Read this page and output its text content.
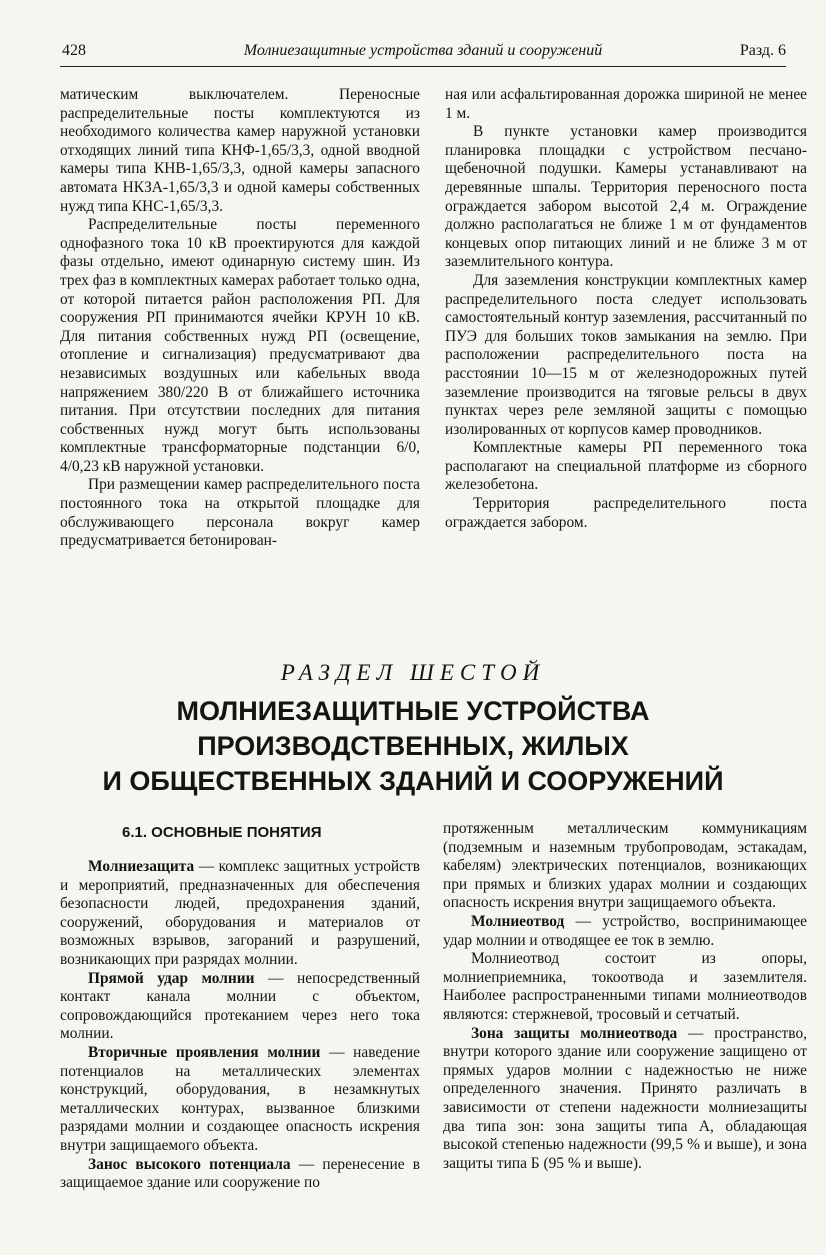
428	Молниезащитные устройства зданий и сооружений	Разд. 6

матическим выключателем. Переносные распределительные посты комплектуются из необходимого количества камер наружной установки отходящих линий типа КНФ-1,65/3,3, одной вводной камеры типа КНВ-1,65/3,3, одной камеры запасного автомата НКЗА-1,65/3,3 и одной камеры собственных нужд типа КНС-1,65/3,3.

Распределительные посты переменного однофазного тока 10 кВ проектируются для каждой фазы отдельно, имеют одинарную систему шин. Из трех фаз в комплектных камерах работает только одна, от которой питается район расположения РП. Для сооружения РП принимаются ячейки КРУН 10 кВ. Для питания собственных нужд РП (освещение, отопление и сигнализация) предусматривают два независимых воздушных или кабельных ввода напряжением 380/220 В от ближайшего источника питания. При отсутствии последних для питания собственных нужд могут быть использованы комплектные трансформаторные подстанции 6/0, 4/0,23 кВ наружной установки.

При размещении камер распределительного поста постоянного тока на открытой площадке для обслуживающего персонала вокруг камер предусматривается бетонирован-

ная или асфальтированная дорожка шириной не менее 1 м.

В пункте установки камер производится планировка площадки с устройством песчано-щебеночной подушки. Камеры устанавливают на деревянные шпалы. Территория переносного поста ограждается забором высотой 2,4 м. Ограждение должно располагаться не ближе 1 м от фундаментов концевых опор питающих линий и не ближе 3 м от заземлительного контура.

Для заземления конструкции комплектных камер распределительного поста следует использовать самостоятельный контур заземления, рассчитанный по ПУЭ для больших токов замыкания на землю. При расположении распределительного поста на расстоянии 10—15 м от железнодорожных путей заземление производится на тяговые рельсы в двух пунктах через реле земляной защиты с помощью изолированных от корпусов камер проводников.

Комплектные камеры РП переменного тока располагают на специальной платформе из сборного железобетона.

Территория распределительного поста ограждается забором.

РАЗДЕЛ ШЕСТОЙ
МОЛНИЕЗАЩИТНЫЕ УСТРОЙСТВА
ПРОИЗВОДСТВЕННЫХ, ЖИЛЫХ
И ОБЩЕСТВЕННЫХ ЗДАНИЙ И СООРУЖЕНИЙ
6.1. ОСНОВНЫЕ ПОНЯТИЯ

Молниезащита — комплекс защитных устройств и мероприятий, предназначенных для обеспечения безопасности людей, предохранения зданий, сооружений, оборудования и материалов от возможных взрывов, загораний и разрушений, возникающих при разрядах молнии.

Прямой удар молнии — непосредственный контакт канала молнии с объектом, сопровождающийся протеканием через него тока молнии.

Вторичные проявления молнии — наведение потенциалов на металлических элементах конструкций, оборудования, в незамкнутых металлических контурах, вызванное близкими разрядами молнии и создающее опасность искрения внутри защищаемого объекта.

Занос высокого потенциала — перенесение в защищаемое здание или сооружение по

протяженным металлическим коммуникациям (подземным и наземным трубопроводам, эстакадам, кабелям) электрических потенциалов, возникающих при прямых и близких ударах молнии и создающих опасность искрения внутри защищаемого объекта.

Молниеотвод — устройство, воспринимающее удар молнии и отводящее ее ток в землю.

Молниеотвод состоит из опоры, молниеприемника, токоотвода и заземлителя. Наиболее распространенными типами молниеотводов являются: стержневой, тросовый и сетчатый.

Зона защиты молниеотвода — пространство, внутри которого здание или сооружение защищено от прямых ударов молнии с надежностью не ниже определенного значения. Принято различать в зависимости от степени надежности молниезащиты два типа зон: зона защиты типа А, обладающая высокой степенью надежности (99,5 % и выше), и зона защиты типа Б (95 % и выше).
